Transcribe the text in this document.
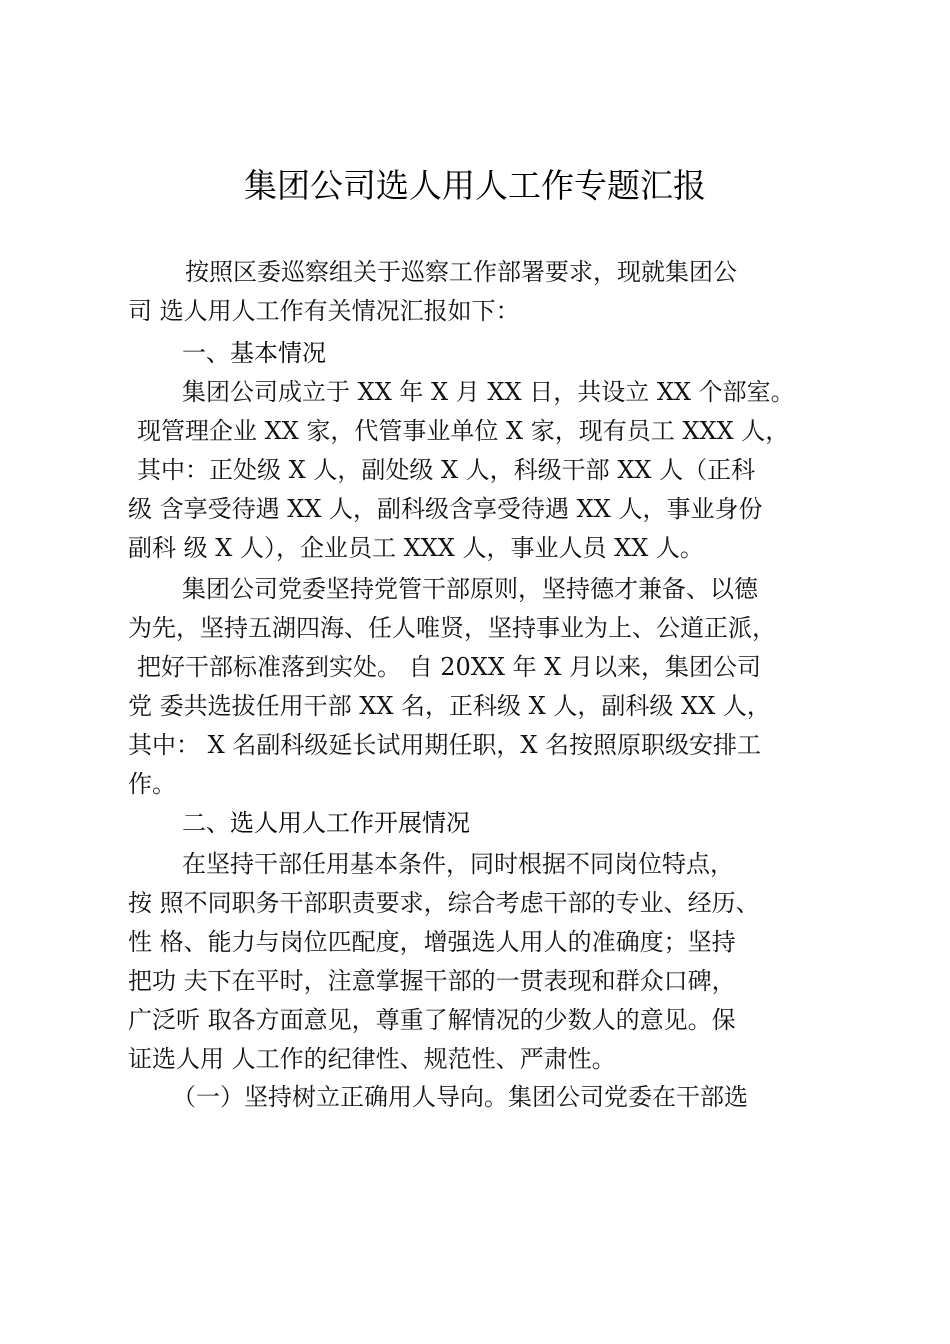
集团公司选人用人工作专题汇报
按照区委巡察组关于巡察工作部署要求，现就集团公
司 选人用人工作有关情况汇报如下：
一、基本情况
集团公司成立于 XX 年 X 月 XX 日，共设立 XX 个部室。
现管理企业 XX 家，代管事业单位 X 家，现有员工 XXX 人，
其中：正处级 X 人，副处级 X 人，科级干部 XX 人（正科
级 含享受待遇 XX 人，副科级含享受待遇 XX 人，事业身份
副科 级 X 人），企业员工 XXX 人，事业人员 XX 人。
集团公司党委坚持党管干部原则，坚持德才兼备、以德
为先，坚持五湖四海、任人唯贤，坚持事业为上、公道正派，
把好干部标准落到实处。 自 20XX 年 X 月以来，集团公司
党 委共选拔任用干部 XX 名，正科级 X 人，副科级 XX 人，
其中： X 名副科级延长试用期任职，X 名按照原职级安排工
作。
二、选人用人工作开展情况
在坚持干部任用基本条件，同时根据不同岗位特点，
按 照不同职务干部职责要求，综合考虑干部的专业、经历、
性 格、能力与岗位匹配度，增强选人用人的准确度；坚持
把功 夫下在平时，注意掌握干部的一贯表现和群众口碑，
广泛听 取各方面意见，尊重了解情况的少数人的意见。保
证选人用 人工作的纪律性、规范性、严肃性。
（一）坚持树立正确用人导向。集团公司党委在干部选
